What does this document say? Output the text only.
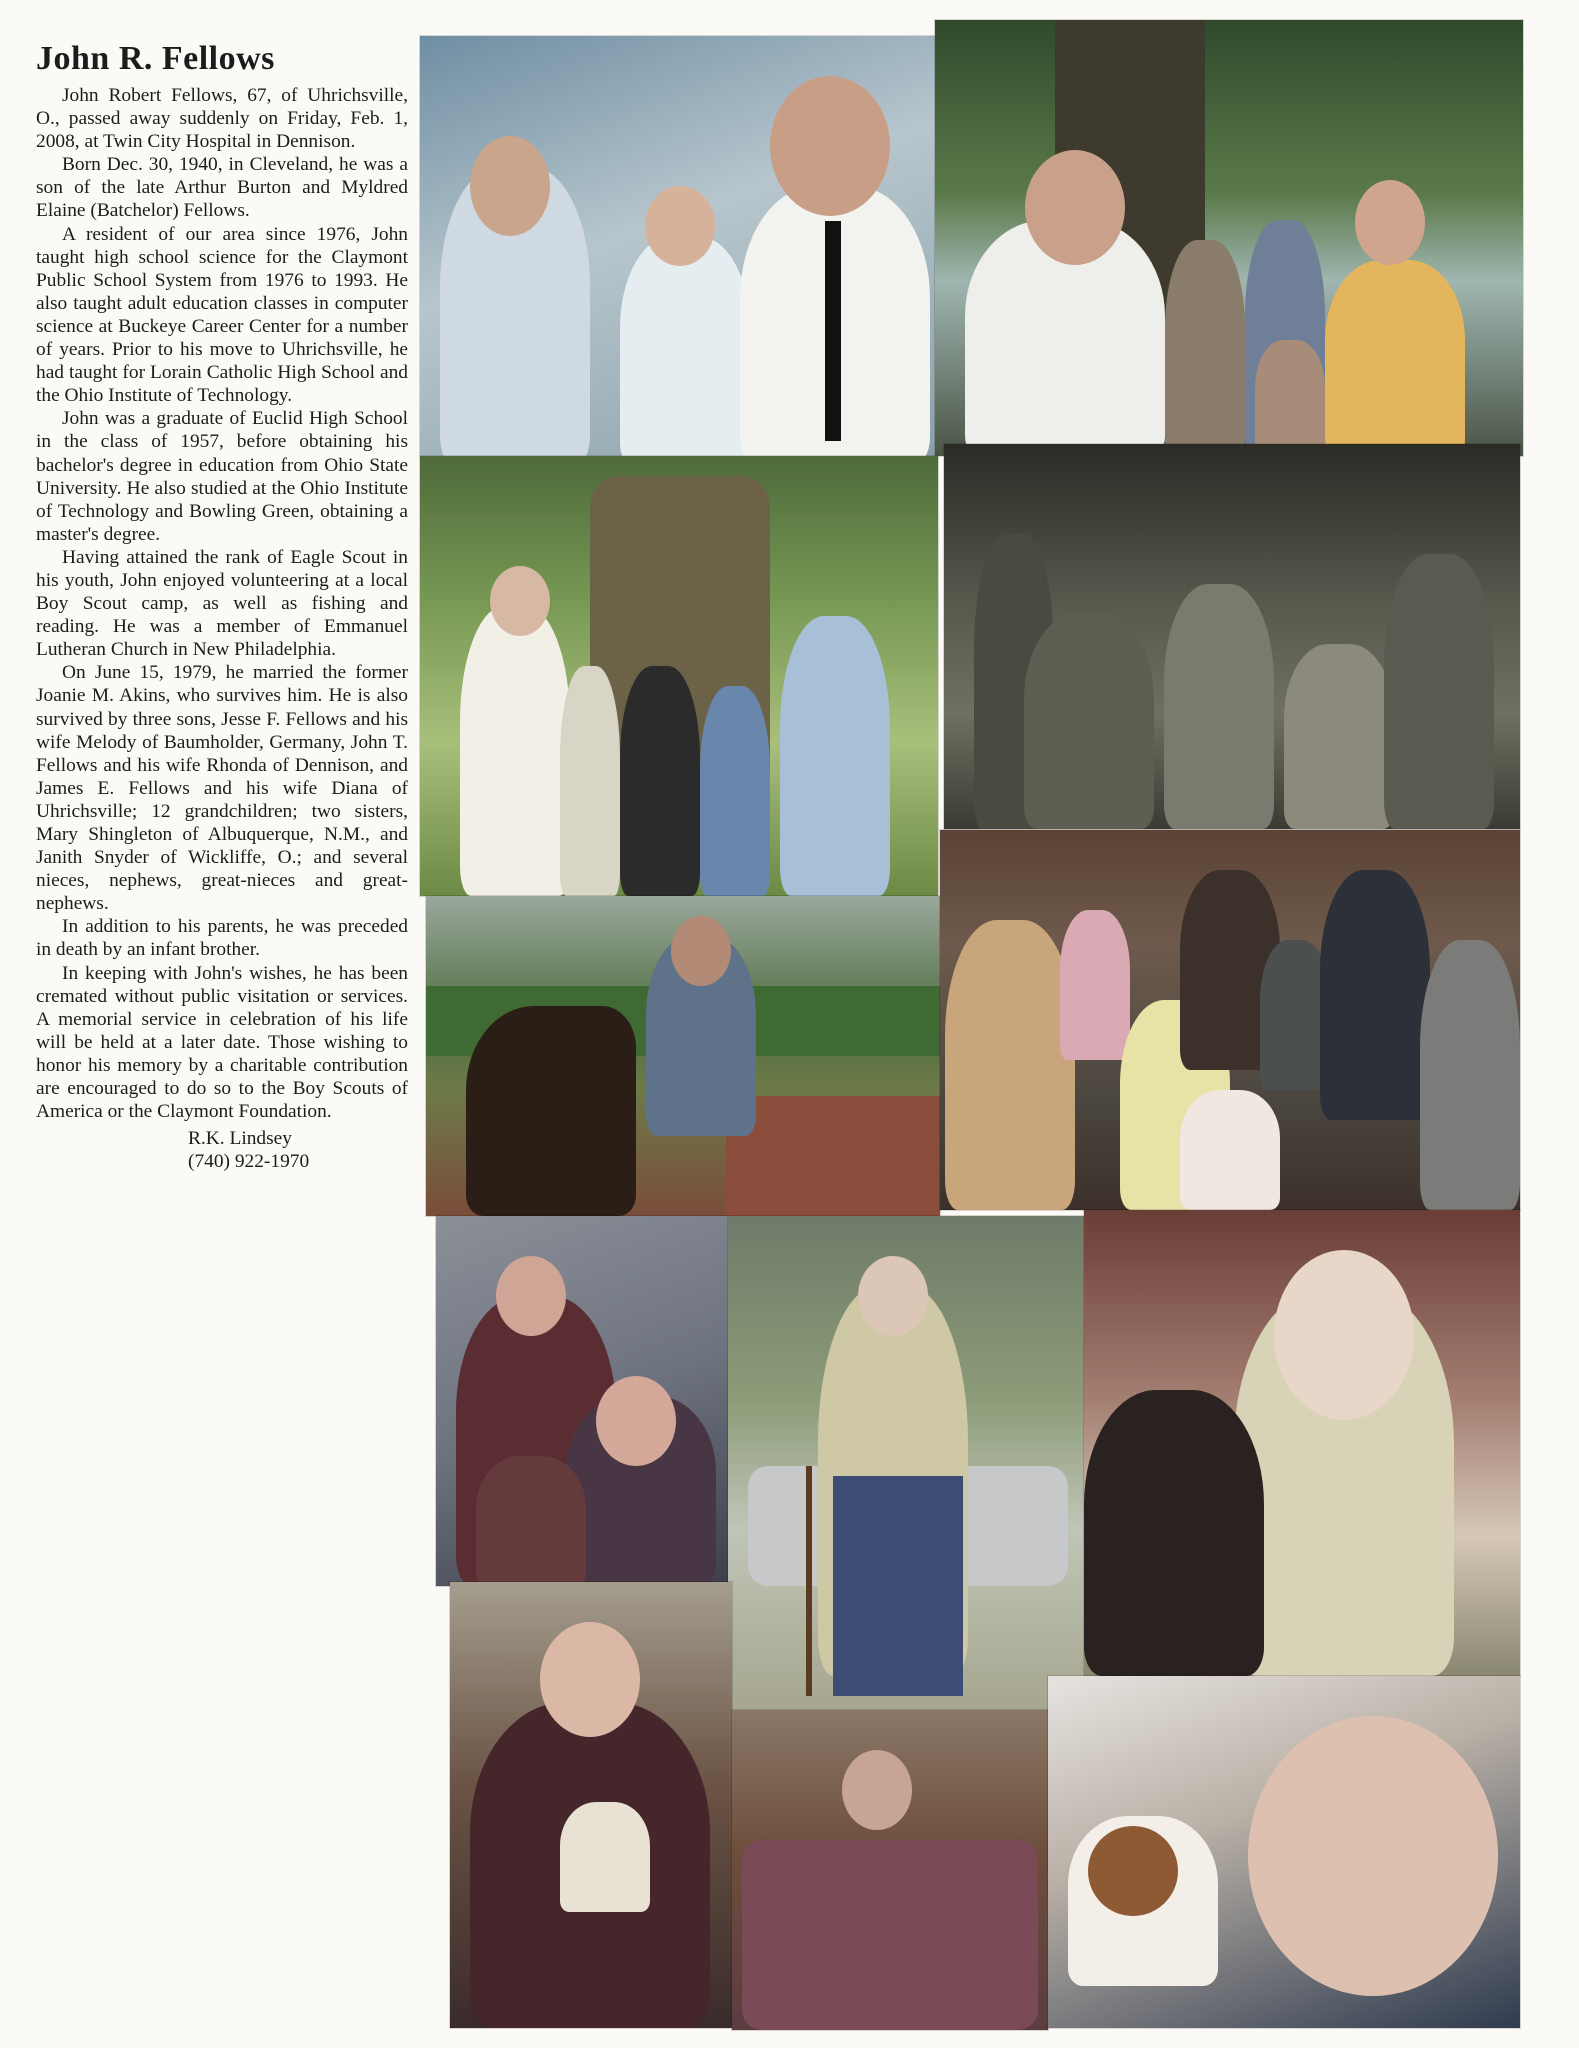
John R. Fellows

John Robert Fellows, 67, of Uhrichsville, O., passed away suddenly on Friday, Feb. 1, 2008, at Twin City Hospital in Dennison.

Born Dec. 30, 1940, in Cleveland, he was a son of the late Arthur Burton and Myldred Elaine (Batchelor) Fellows.

A resident of our area since 1976, John taught high school science for the Claymont Public School System from 1976 to 1993. He also taught adult education classes in computer science at Buckeye Career Center for a number of years. Prior to his move to Uhrichsville, he had taught for Lorain Catholic High School and the Ohio Institute of Technology.

John was a graduate of Euclid High School in the class of 1957, before obtaining his bachelor's degree in education from Ohio State University. He also studied at the Ohio Institute of Technology and Bowling Green, obtaining a master's degree.

Having attained the rank of Eagle Scout in his youth, John enjoyed volunteering at a local Boy Scout camp, as well as fishing and reading. He was a member of Emmanuel Lutheran Church in New Philadelphia.

On June 15, 1979, he married the former Joanie M. Akins, who survives him. He is also survived by three sons, Jesse F. Fellows and his wife Melody of Baumholder, Germany, John T. Fellows and his wife Rhonda of Dennison, and James E. Fellows and his wife Diana of Uhrichsville; 12 grandchildren; two sisters, Mary Shingleton of Albuquerque, N.M., and Janith Snyder of Wickliffe, O.; and several nieces, nephews, great-nieces and great-nephews.

In addition to his parents, he was preceded in death by an infant brother.

In keeping with John's wishes, he has been cremated without public visitation or services. A memorial service in celebration of his life will be held at a later date. Those wishing to honor his memory by a charitable contribution are encouraged to do so to the Boy Scouts of America or the Claymont Foundation.

R.K. Lindsey
(740) 922-1970
